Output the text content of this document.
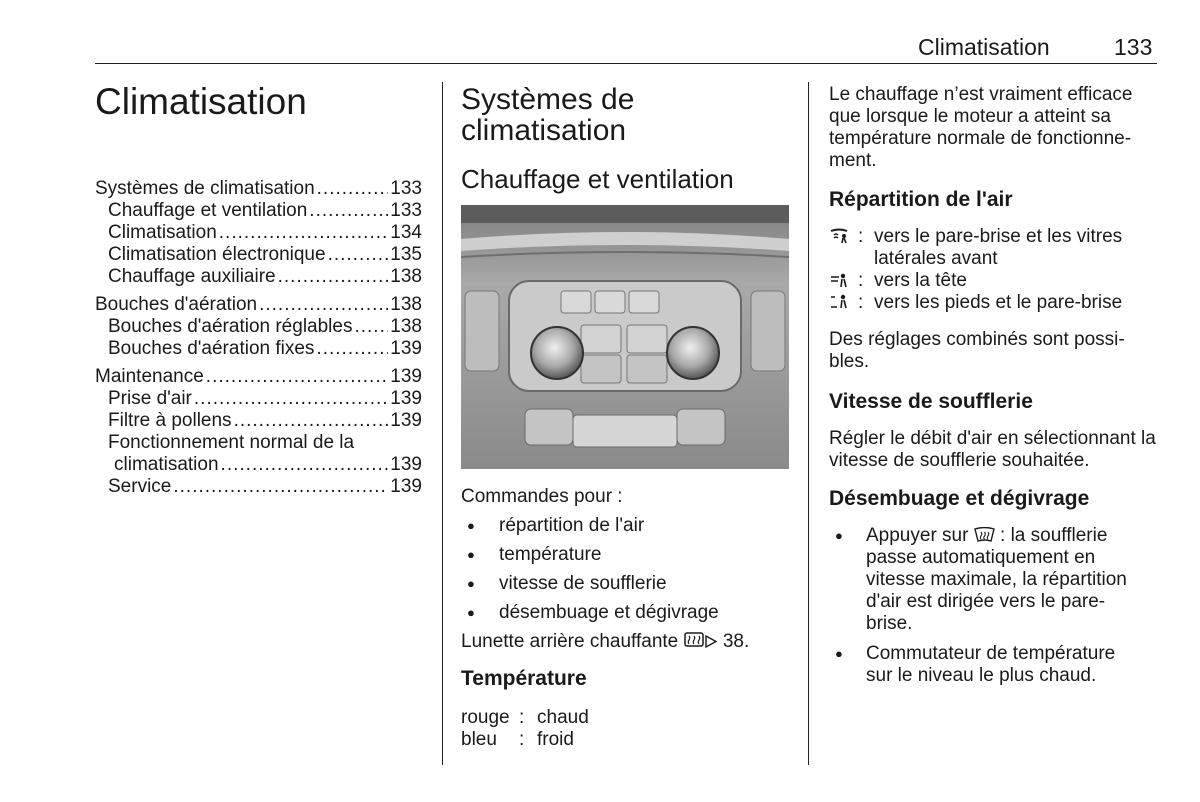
Climatisation	133
Climatisation
Systèmes de climatisation .....	133
Chauffage et ventilation .....	133
Climatisation .....	134
Climatisation électronique .....	135
Chauffage auxiliaire .....	138
Bouches d'aération .....	138
Bouches d'aération réglables ..... 138
Bouches d'aération fixes .....	139
Maintenance .....	139
Prise d'air .....	139
Filtre à pollens .....	139
Fonctionnement normal de la
climatisation .....	139
Service .....	139
Systèmes de climatisation
Chauffage et ventilation
Commandes pour :
● répartition de l'air
● température
● vitesse de soufflerie
● désembuage et dégivrage
Lunette arrière chauffante 38.
Température
rouge : chaud
bleu : froid
Le chauffage n’est vraiment efficace que lorsque le moteur a atteint sa température normale de fonctionne-ment.
Répartition de l'air
: vers le pare-brise et les vitres latérales avant
: vers la tête
: vers les pieds et le pare-brise
Des réglages combinés sont possi-bles.
Vitesse de soufflerie
Régler le débit d'air en sélectionnant la vitesse de soufflerie souhaitée.
Désembuage et dégivrage
● Appuyer sur : la soufflerie passe automatiquement en vitesse maximale, la répartition d'air est dirigée vers le pare-brise.
● Commutateur de température sur le niveau le plus chaud.
